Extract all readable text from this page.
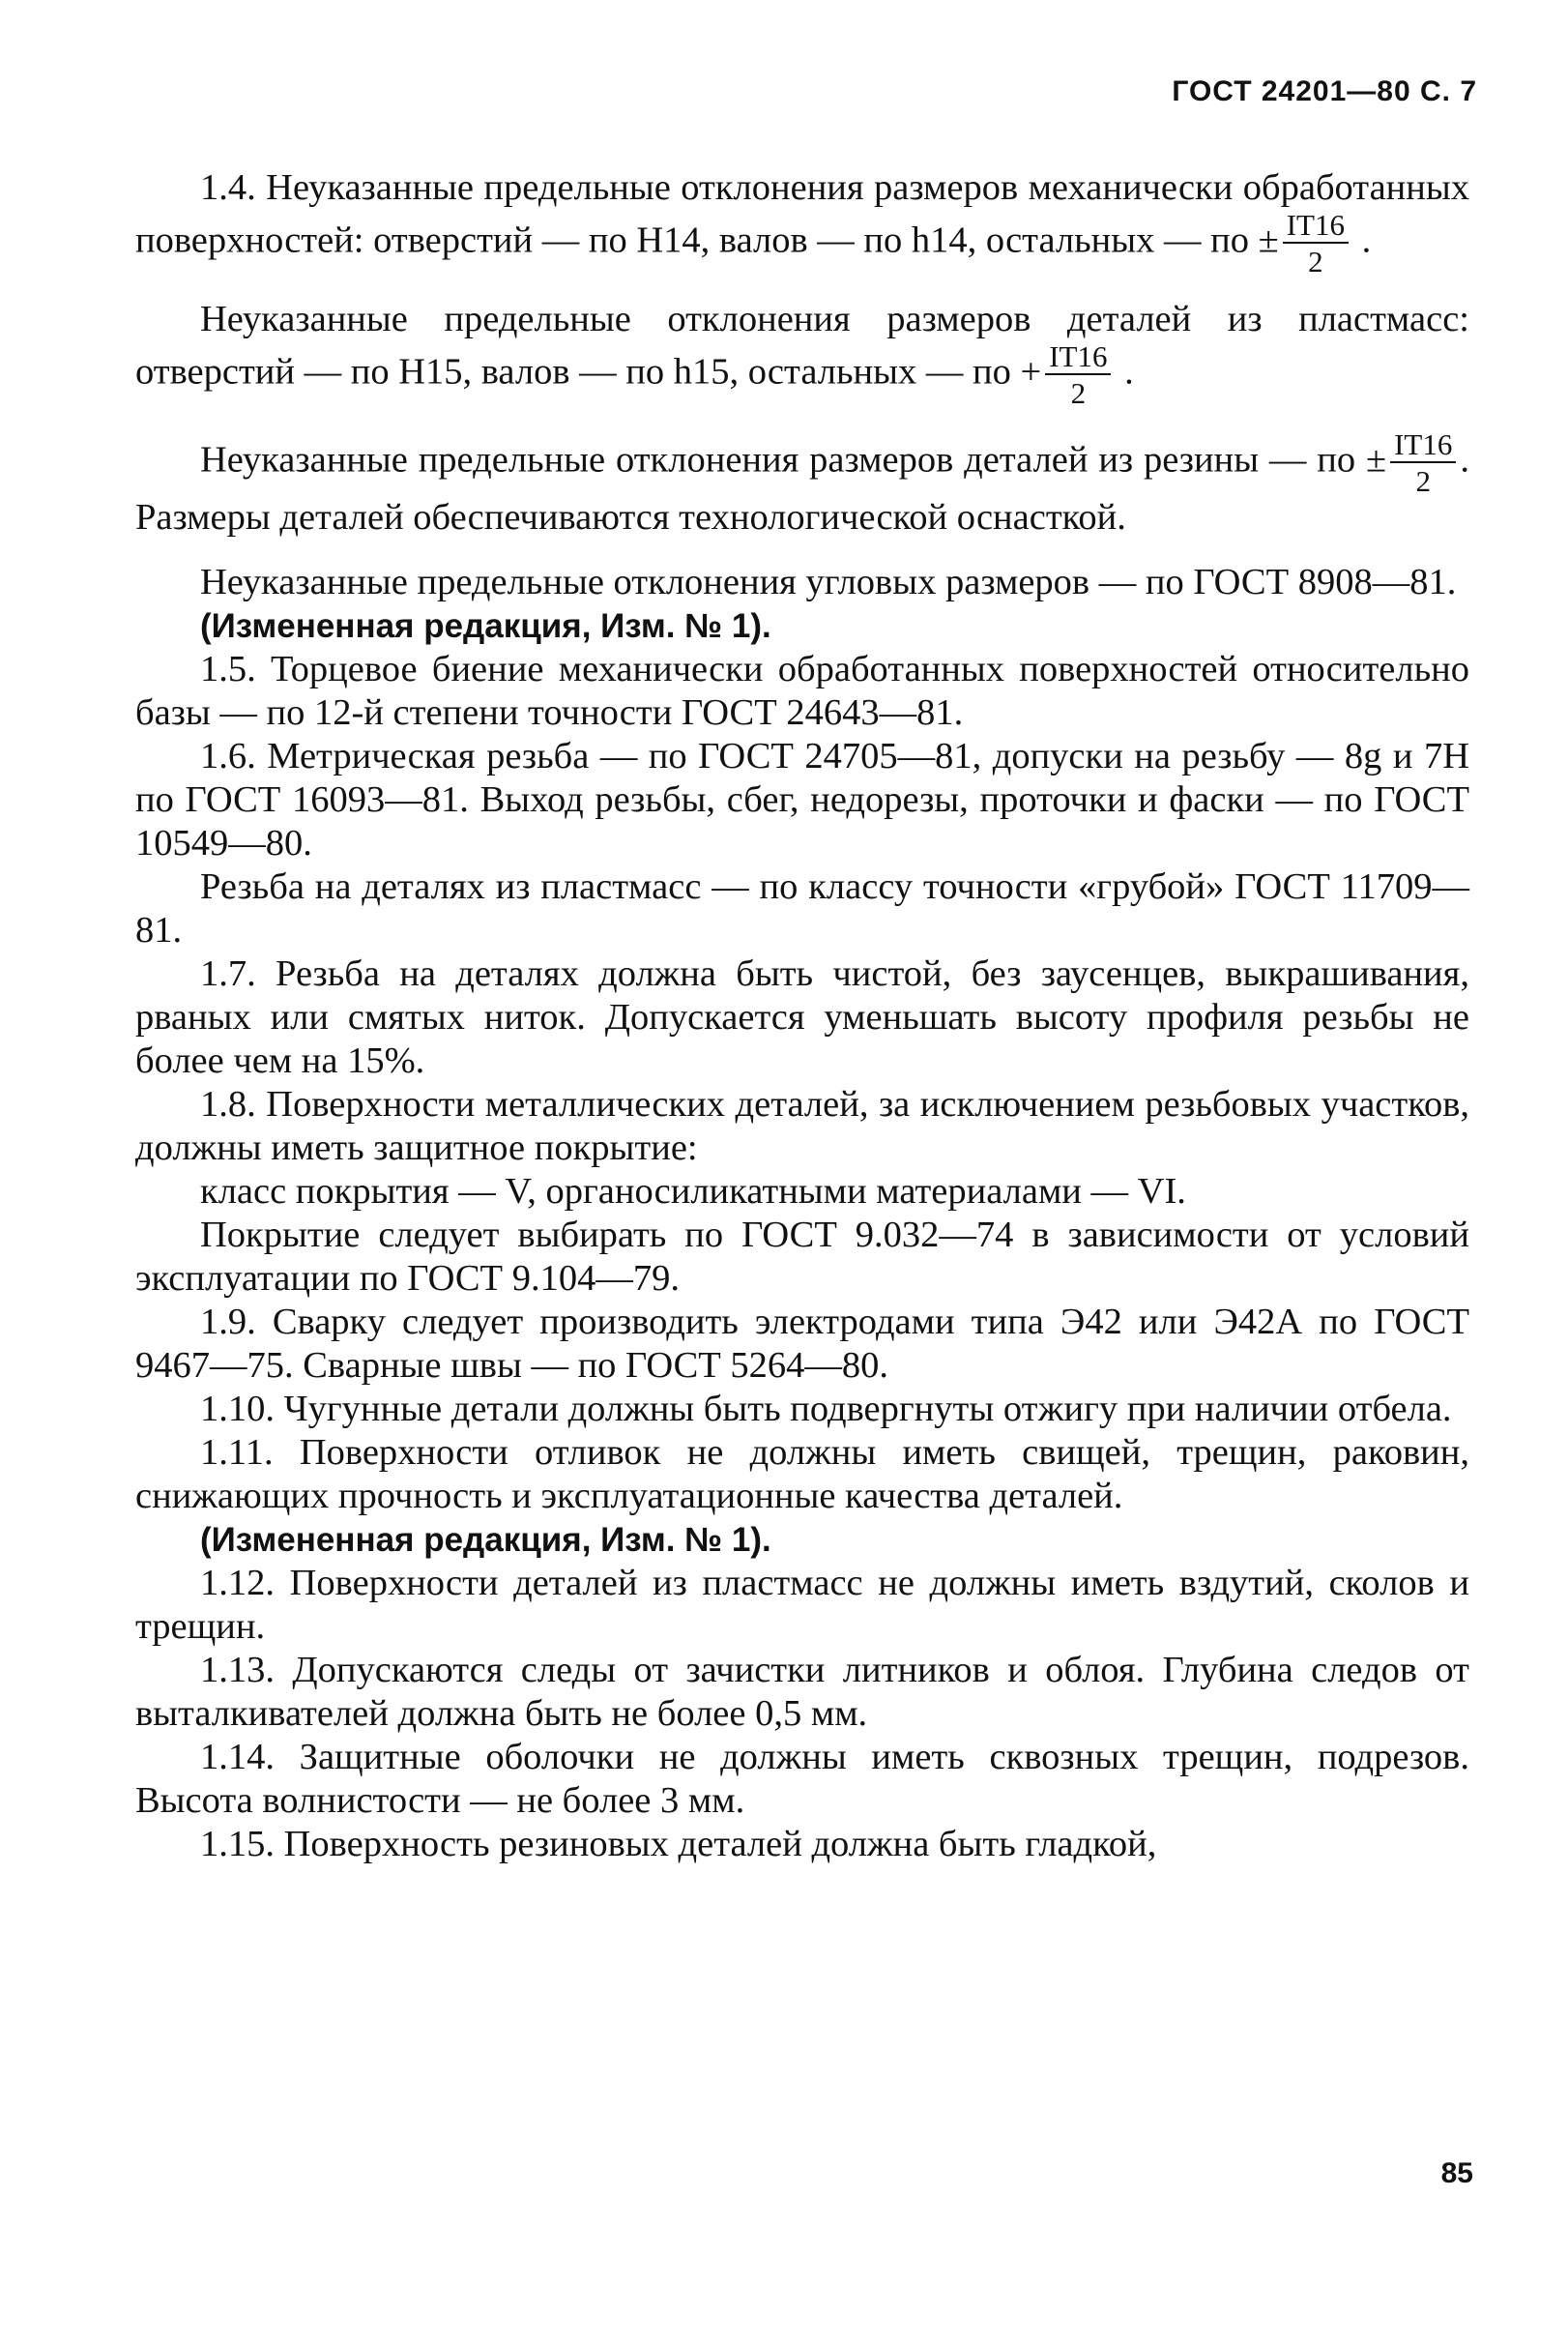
ГОСТ 24201—80 С. 7

1.4. Неуказанные предельные отклонения размеров механически обработанных поверхностей: отверстий — по Н14, валов — по h14, остальных — по ± $\frac{IT16}{2}$ .

Неуказанные предельные отклонения размеров деталей из пластмасс: отверстий — по Н15, валов — по h15, остальных — по + $\frac{IT16}{2}$ .

Неуказанные предельные отклонения размеров деталей из резины — по ± $\frac{IT16}{2}$ . Размеры деталей обеспечиваются технологической оснасткой.

Неуказанные предельные отклонения угловых размеров — по ГОСТ 8908—81.

(Измененная редакция, Изм. № 1).

1.5. Торцевое биение механически обработанных поверхностей относительно базы — по 12-й степени точности ГОСТ 24643—81.

1.6. Метрическая резьба — по ГОСТ 24705—81, допуски на резьбу — 8g и 7H по ГОСТ 16093—81. Выход резьбы, сбег, недорезы, проточки и фаски — по ГОСТ 10549—80.

Резьба на деталях из пластмасс — по классу точности «грубой» ГОСТ 11709—81.

1.7. Резьба на деталях должна быть чистой, без заусенцев, выкрашивания, рваных или смятых ниток. Допускается уменьшать высоту профиля резьбы не более чем на 15%.

1.8. Поверхности металлических деталей, за исключением резьбовых участков, должны иметь защитное покрытие:

класс покрытия — V, органосиликатными материалами — VI.

Покрытие следует выбирать по ГОСТ 9.032—74 в зависимости от условий эксплуатации по ГОСТ 9.104—79.

1.9. Сварку следует производить электродами типа Э42 или Э42А по ГОСТ 9467—75. Сварные швы — по ГОСТ 5264—80.

1.10. Чугунные детали должны быть подвергнуты отжигу при наличии отбела.

1.11. Поверхности отливок не должны иметь свищей, трещин, раковин, снижающих прочность и эксплуатационные качества деталей.

(Измененная редакция, Изм. № 1).

1.12. Поверхности деталей из пластмасс не должны иметь вздутий, сколов и трещин.

1.13. Допускаются следы от зачистки литников и облоя. Глубина следов от выталкивателей должна быть не более 0,5 мм.

1.14. Защитные оболочки не должны иметь сквозных трещин, подрезов. Высота волнистости — не более 3 мм.

1.15. Поверхность резиновых деталей должна быть гладкой,

85
